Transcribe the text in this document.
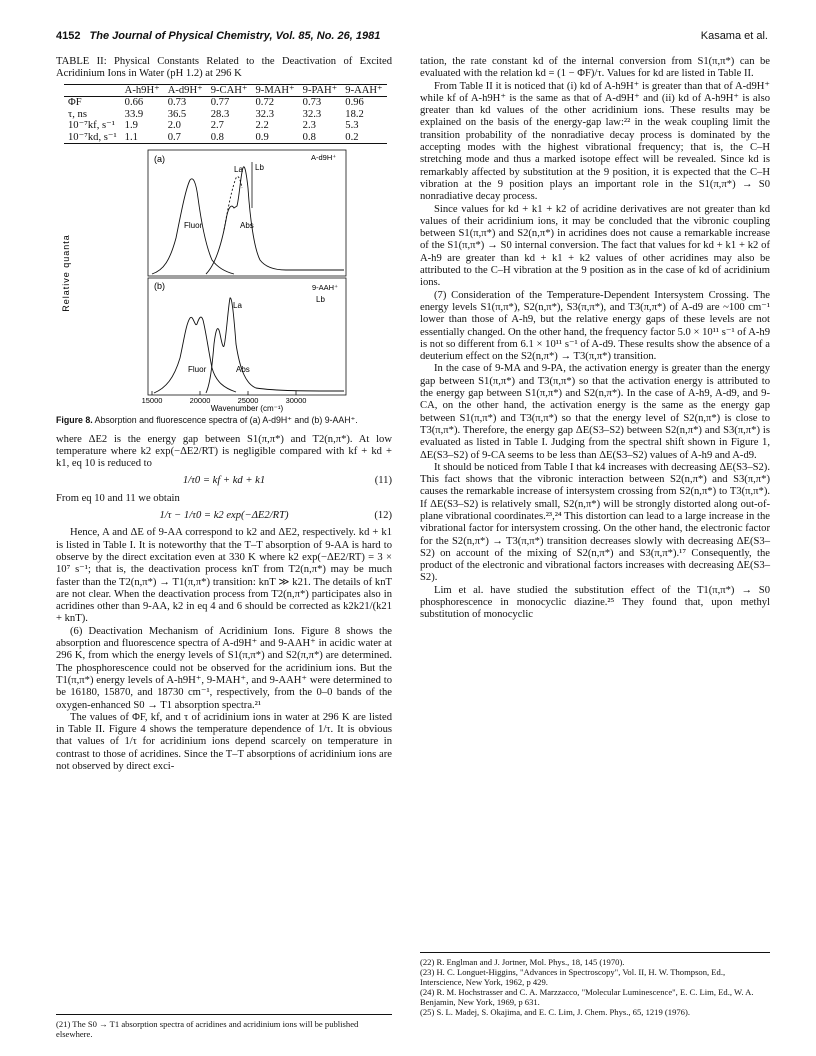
4152 The Journal of Physical Chemistry, Vol. 85, No. 26, 1981	Kasama et al.
TABLE II: Physical Constants Related to the Deactivation of Excited Acridinium Ions in Water (pH 1.2) at 296 K
	A-h9H⁺	A-d9H⁺	9-CAH⁺	9-MAH⁺	9-PAH⁺	9-AAH⁺
ΦF	0.66	0.73	0.77	0.72	0.73	0.96
τ, ns	33.9	36.5	28.3	32.3	32.3	18.2
10⁻⁷kf, s⁻¹	1.9	2.0	2.7	2.2	2.3	5.3
10⁻⁷kd, s⁻¹	1.1	0.7	0.8	0.9	0.8	0.2
Relative quanta
(a)
(b)
A-d9H⁺
9-AAH⁺
La Lb
La
Lb
Fluor	Abs
Fluor	Abs
15000	20000	25000	30000
Wavenumber (cm⁻¹)
Figure 8. Absorption and fluorescence spectra of (a) A-d9H⁺ and (b) 9-AAH⁺.

where ΔE2 is the energy gap between S1(π,π*) and T2(n,π*). At low temperature where k2 exp(−ΔE2/RT) is negligible compared with kf + kd + k1, eq 10 is reduced to

1/τ0 = kf + kd + k1	(11)

From eq 10 and 11 we obtain

1/τ − 1/τ0 = k2 exp(−ΔE2/RT)	(12)

Hence, A and ΔE of 9-AA correspond to k2 and ΔE2, respectively. kd + k1 is listed in Table I. It is noteworthy that the T–T absorption of 9-AA is hard to observe by the direct excitation even at 330 K where k2 exp(−ΔE2/RT) = 3 × 10⁷ s⁻¹; that is, the deactivation process knT from T2(n,π*) may be much faster than the T2(n,π*) → T1(π,π*) transition: knT ≫ k21. The details of knT are not clear. When the deactivation process from T2(n,π*) participates also in acridines other than 9-AA, k2 in eq 4 and 6 should be corrected as k2k21/(k21 + knT).

(6) Deactivation Mechanism of Acridinium Ions. Figure 8 shows the absorption and fluorescence spectra of A-d9H⁺ and 9-AAH⁺ in acidic water at 296 K, from which the energy levels of S1(π,π*) and S2(π,π*) are determined. The phosphorescence could not be observed for the acridinium ions. But the T1(π,π*) energy levels of A-h9H⁺, 9-MAH⁺, and 9-AAH⁺ were determined to be 16180, 15870, and 18730 cm⁻¹, respectively, from the 0–0 bands of the oxygen-enhanced S0 → T1 absorption spectra.²¹

The values of ΦF, kf, and τ of acridinium ions in water at 296 K are listed in Table II. Figure 4 shows the temperature dependence of 1/τ. It is obvious that values of 1/τ for acridinium ions depend scarcely on temperature in contrast to those of acridines. Since the T–T absorptions of acridinium ions are not observed by direct exci-

(21) The S0 → T1 absorption spectra of acridines and acridinium ions will be published elsewhere.

tation, the rate constant kd of the internal conversion from S1(π,π*) can be evaluated with the relation kd = (1 − ΦF)/τ. Values for kd are listed in Table II.

From Table II it is noticed that (i) kd of A-h9H⁺ is greater than that of A-d9H⁺ while kf of A-h9H⁺ is the same as that of A-d9H⁺ and (ii) kd of A-h9H⁺ is also greater than kd values of the other acridinium ions. These results may be explained on the basis of the energy-gap law:²² in the weak coupling limit the transition probability of the nonradiative decay process is dominated by the accepting modes with the highest vibrational frequency; that is, the C–H stretching mode and thus a marked isotope effect will be revealed. Since kd is remarkably affected by substitution at the 9 position, it is expected that the C–H vibration at the 9 position plays an important role in the S1(π,π*) → S0 nonradiative decay process.

Since values for kd + k1 + k2 of acridine derivatives are not greater than kd values of their acridinium ions, it may be concluded that the vibronic coupling between S1(π,π*) and S2(n,π*) in acridines does not cause a remarkable increase of the S1(π,π*) → S0 internal conversion. The fact that values for kd + k1 + k2 of A-h9 are greater than kd + k1 + k2 values of other acridines may also be attributed to the C–H vibration at the 9 position as in the case of kd of acridinium ions.

(7) Consideration of the Temperature-Dependent Intersystem Crossing. The energy levels S1(π,π*), S2(n,π*), S3(π,π*), and T3(π,π*) of A-d9 are ~100 cm⁻¹ lower than those of A-h9, but the relative energy gaps of these levels are not essentially changed. On the other hand, the frequency factor 5.0 × 10¹¹ s⁻¹ of A-h9 is not so different from 6.1 × 10¹¹ s⁻¹ of A-d9. These results show the absence of a deuterium effect on the S2(n,π*) → T3(π,π*) transition.

In the case of 9-MA and 9-PA, the activation energy is greater than the energy gap between S1(π,π*) and T3(π,π*) so that the activation energy is attributed to the energy gap between S1(π,π*) and S2(n,π*). In the case of A-h9, A-d9, and 9-CA, on the other hand, the activation energy is the same as the energy gap between S1(π,π*) and T3(π,π*) so that the energy level of S2(n,π*) is close to T3(π,π*). Therefore, the energy gap ΔE(S3–S2) between S2(n,π*) and S3(π,π*) is evaluated as listed in Table I. Judging from the spectral shift shown in Figure 1, ΔE(S3–S2) of 9-CA seems to be less than ΔE(S3–S2) values of A-h9 and A-d9.

It should be noticed from Table I that k4 increases with decreasing ΔE(S3–S2). This fact shows that the vibronic interaction between S2(n,π*) and S3(π,π*) causes the remarkable increase of intersystem crossing from S2(n,π*) to T3(π,π*). If ΔE(S3–S2) is relatively small, S2(n,π*) will be strongly distorted along out-of-plane vibrational coordinates.²³,²⁴ This distortion can lead to a large increase in the vibrational factor for intersystem crossing. On the other hand, the electronic factor for the S2(n,π*) → T3(π,π*) transition decreases slowly with decreasing ΔE(S3–S2) on account of the mixing of S2(n,π*) and S3(π,π*).¹⁷ Consequently, the product of the electronic and vibrational factors increases with decreasing ΔE(S3–S2).

Lim et al. have studied the substitution effect of the T1(π,π*) → S0 phosphorescence in monocyclic diazine.²⁵ They found that, upon methyl substitution of monocyclic

(22) R. Englman and J. Jortner, Mol. Phys., 18, 145 (1970).

(23) H. C. Longuet-Higgins, "Advances in Spectroscopy", Vol. II, H. W. Thompson, Ed., Interscience, New York, 1962, p 429.

(24) R. M. Hochstrasser and C. A. Marzzacco, "Molecular Luminescence", E. C. Lim, Ed., W. A. Benjamin, New York, 1969, p 631.

(25) S. L. Madej, S. Okajima, and E. C. Lim, J. Chem. Phys., 65, 1219 (1976).
